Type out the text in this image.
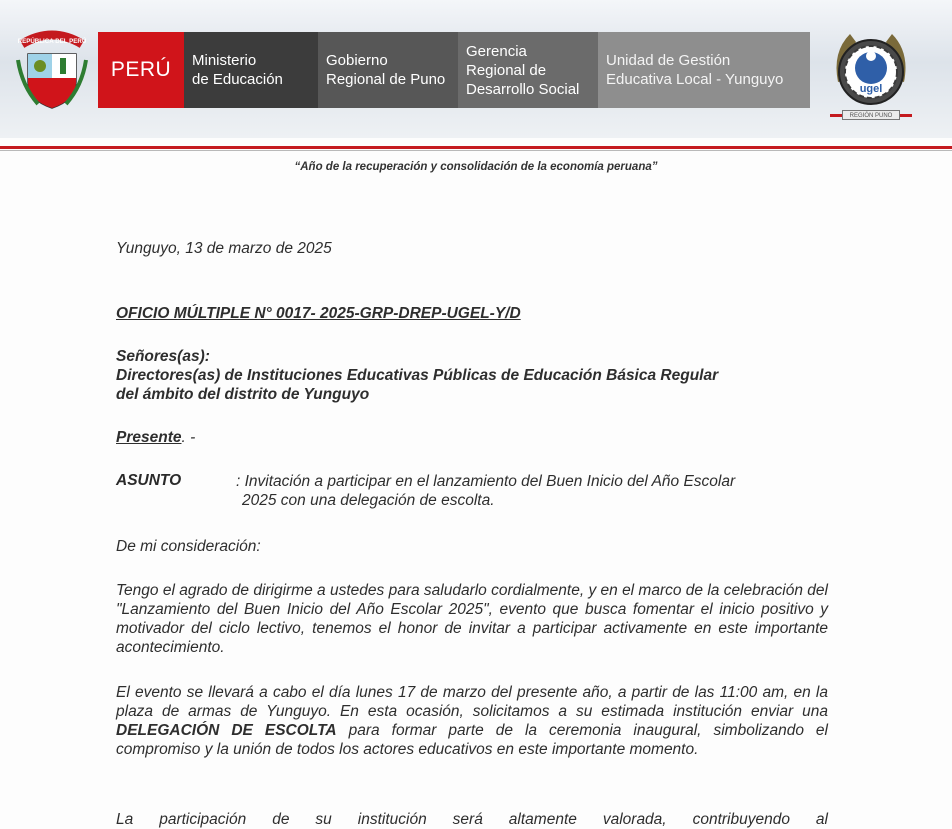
REPÚBLICA DEL PERÚ
PERÚ Ministerio
de Educación
Gobierno
Regional de Puno
Gerencia
Regional de
Desarrollo Social
Unidad de Gestión
Educativa Local - Yunguyo
ugel
REGIÓN PUNO
“Año de la recuperación y consolidación de la economía peruana”
Yunguyo, 13 de marzo de 2025
OFICIO MÚLTIPLE N° 0017- 2025-GRP-DREP-UGEL-Y/D
Señores(as):
Directores(as) de Instituciones Educativas Públicas de Educación Básica Regular
del ámbito del distrito de Yunguyo
Presente. -
ASUNTO	: Invitación a participar en el lanzamiento del Buen Inicio del Año Escolar
2025 con una delegación de escolta.
De mi consideración:
Tengo el agrado de dirigirme a ustedes para saludarlo cordialmente, y en el marco de la celebración del "Lanzamiento del Buen Inicio del Año Escolar 2025", evento que busca fomentar el inicio positivo y motivador del ciclo lectivo, tenemos el honor de invitar a participar activamente en este importante acontecimiento.
El evento se llevará a cabo el día lunes 17 de marzo del presente año, a partir de las 11:00 am, en la plaza de armas de Yunguyo. En esta ocasión, solicitamos a su estimada institución enviar una DELEGACIÓN DE ESCOLTA para formar parte de la ceremonia inaugural, simbolizando el compromiso y la unión de todos los actores educativos en este importante momento.
La participación de su institución será altamente valorada, contribuyendo al
